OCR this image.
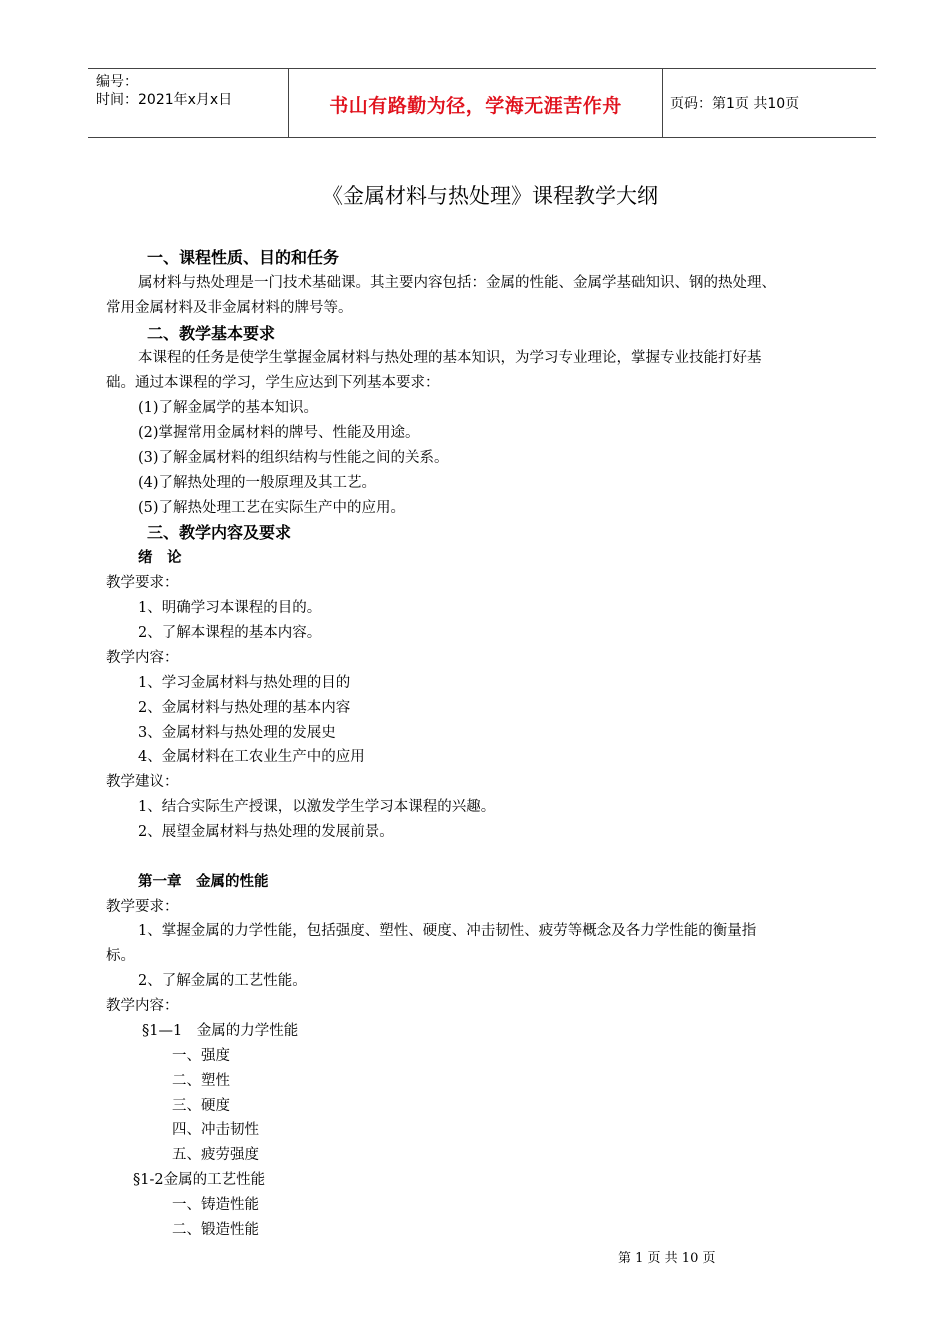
编号：
时间：2021年x月x日	书山有路勤为径，学海无涯苦作舟	页码：第1页 共10页
《金属材料与热处理》课程教学大纲
一、课程性质、目的和任务
属材料与热处理是一门技术基础课。其主要内容包括：金属的性能、金属学基础知识、钢的热处理、
常用金属材料及非金属材料的牌号等。
二、教学基本要求
本课程的任务是使学生掌握金属材料与热处理的基本知识，为学习专业理论，掌握专业技能打好基
础。通过本课程的学习，学生应达到下列基本要求：
(1)了解金属学的基本知识。
(2)掌握常用金属材料的牌号、性能及用途。
(3)了解金属材料的组织结构与性能之间的关系。
(4)了解热处理的一般原理及其工艺。
(5)了解热处理工艺在实际生产中的应用。
三、教学内容及要求
绪　论
教学要求：
1、明确学习本课程的目的。
2、了解本课程的基本内容。
教学内容：
1、学习金属材料与热处理的目的
2、金属材料与热处理的基本内容
3、金属材料与热处理的发展史
4、金属材料在工农业生产中的应用
教学建议：
1、结合实际生产授课，以激发学生学习本课程的兴趣。
2、展望金属材料与热处理的发展前景。
第一章　金属的性能
教学要求：
1、掌握金属的力学性能，包括强度、塑性、硬度、冲击韧性、疲劳等概念及各力学性能的衡量指
标。
2、了解金属的工艺性能。
教学内容：
§1—1　金属的力学性能
一、强度
二、塑性
三、硬度
四、冲击韧性
五、疲劳强度
§1-2金属的工艺性能
一、铸造性能
二、锻造性能
第 1 页 共 10 页
